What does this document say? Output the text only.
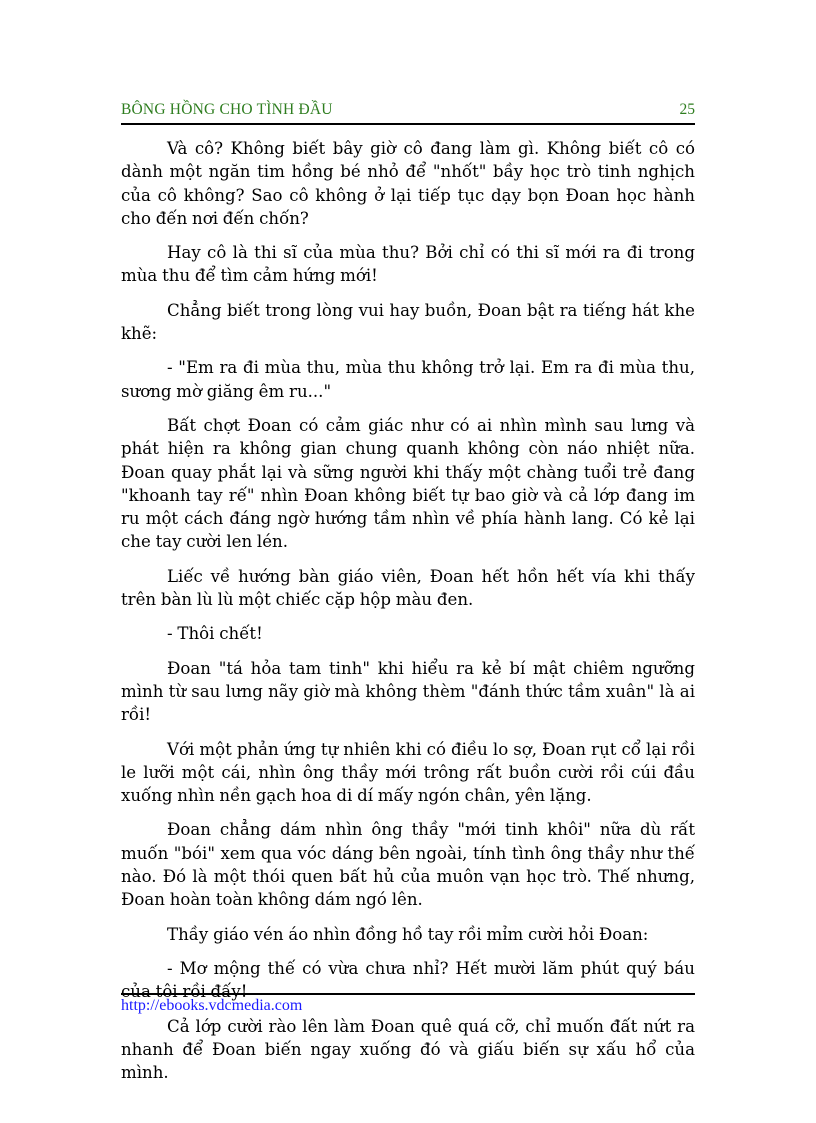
BÔNG HỒNG CHO TÌNH ĐẦU	25

Và cô? Không biết bây giờ cô đang làm gì. Không biết cô có dành một ngăn tim hồng bé nhỏ để "nhốt" bầy học trò tinh nghịch của cô không? Sao cô không ở lại tiếp tục dạy bọn Đoan học hành cho đến nơi đến chốn?

Hay cô là thi sĩ của mùa thu? Bởi chỉ có thi sĩ mới ra đi trong mùa thu để tìm cảm hứng mới!

Chẳng biết trong lòng vui hay buồn, Đoan bật ra tiếng hát khe khẽ:

- "Em ra đi mùa thu, mùa thu không trở lại. Em ra đi mùa thu, sương mờ giăng êm ru..."

Bất chợt Đoan có cảm giác như có ai nhìn mình sau lưng và phát hiện ra không gian chung quanh không còn náo nhiệt nữa. Đoan quay phắt lại và sững người khi thấy một chàng tuổi trẻ đang "khoanh tay rế" nhìn Đoan không biết tự bao giờ và cả lớp đang im ru một cách đáng ngờ hướng tầm nhìn về phía hành lang. Có kẻ lại che tay cười len lén.

Liếc về hướng bàn giáo viên, Đoan hết hồn hết vía khi thấy trên bàn lù lù một chiếc cặp hộp màu đen.

- Thôi chết!

Đoan "tá hỏa tam tinh" khi hiểu ra kẻ bí mật chiêm ngưỡng mình từ sau lưng nãy giờ mà không thèm "đánh thức tầm xuân" là ai rồi!

Với một phản ứng tự nhiên khi có điều lo sợ, Đoan rụt cổ lại rồi le lưỡi một cái, nhìn ông thầy mới trông rất buồn cười rồi cúi đầu xuống nhìn nền gạch hoa di dí mấy ngón chân, yên lặng.

Đoan chẳng dám nhìn ông thầy "mới tinh khôi" nữa dù rất muốn "bói" xem qua vóc dáng bên ngoài, tính tình ông thầy như thế nào. Đó là một thói quen bất hủ của muôn vạn học trò. Thế nhưng, Đoan hoàn toàn không dám ngó lên.

Thầy giáo vén áo nhìn đồng hồ tay rồi mỉm cười hỏi Đoan:

- Mơ mộng thế có vừa chưa nhỉ? Hết mười lăm phút quý báu của tôi rồi đấy!

Cả lớp cười rào lên làm Đoan quê quá cỡ, chỉ muốn đất nứt ra nhanh để Đoan biến ngay xuống đó và giấu biến sự xấu hổ của mình.

http://ebooks.vdcmedia.com
